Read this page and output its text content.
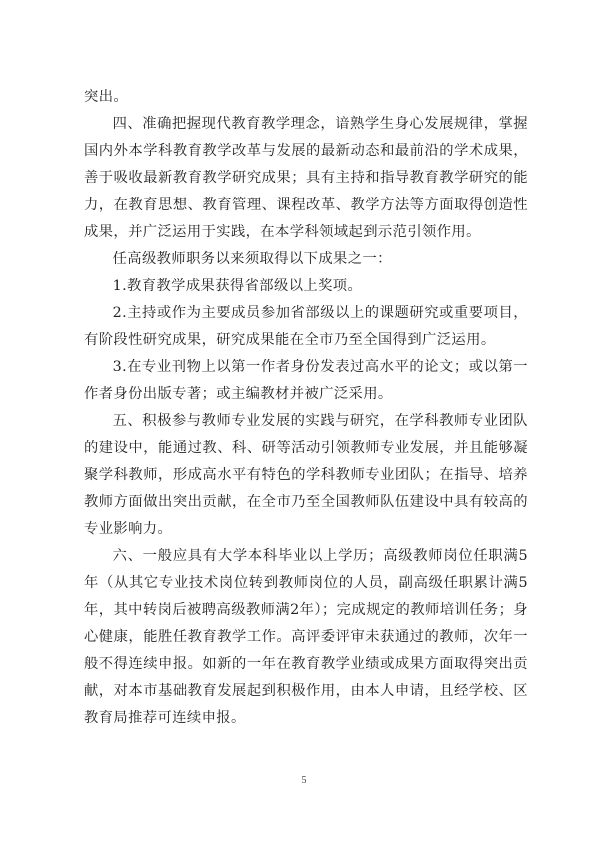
突出。

四、准确把握现代教育教学理念，谙熟学生身心发展规律，掌握国内外本学科教育教学改革与发展的最新动态和最前沿的学术成果，善于吸收最新教育教学研究成果；具有主持和指导教育教学研究的能力，在教育思想、教育管理、课程改革、教学方法等方面取得创造性成果，并广泛运用于实践，在本学科领域起到示范引领作用。

任高级教师职务以来须取得以下成果之一：

1.教育教学成果获得省部级以上奖项。

2.主持或作为主要成员参加省部级以上的课题研究或重要项目，有阶段性研究成果，研究成果能在全市乃至全国得到广泛运用。

3.在专业刊物上以第一作者身份发表过高水平的论文；或以第一作者身份出版专著；或主编教材并被广泛采用。

五、积极参与教师专业发展的实践与研究，在学科教师专业团队的建设中，能通过教、科、研等活动引领教师专业发展，并且能够凝聚学科教师，形成高水平有特色的学科教师专业团队；在指导、培养教师方面做出突出贡献，在全市乃至全国教师队伍建设中具有较高的专业影响力。

六、一般应具有大学本科毕业以上学历；高级教师岗位任职满5年（从其它专业技术岗位转到教师岗位的人员，副高级任职累计满5年，其中转岗后被聘高级教师满2年）；完成规定的教师培训任务；身心健康，能胜任教育教学工作。高评委评审未获通过的教师，次年一般不得连续申报。如新的一年在教育教学业绩或成果方面取得突出贡献，对本市基础教育发展起到积极作用，由本人申请，且经学校、区教育局推荐可连续申报。

5
